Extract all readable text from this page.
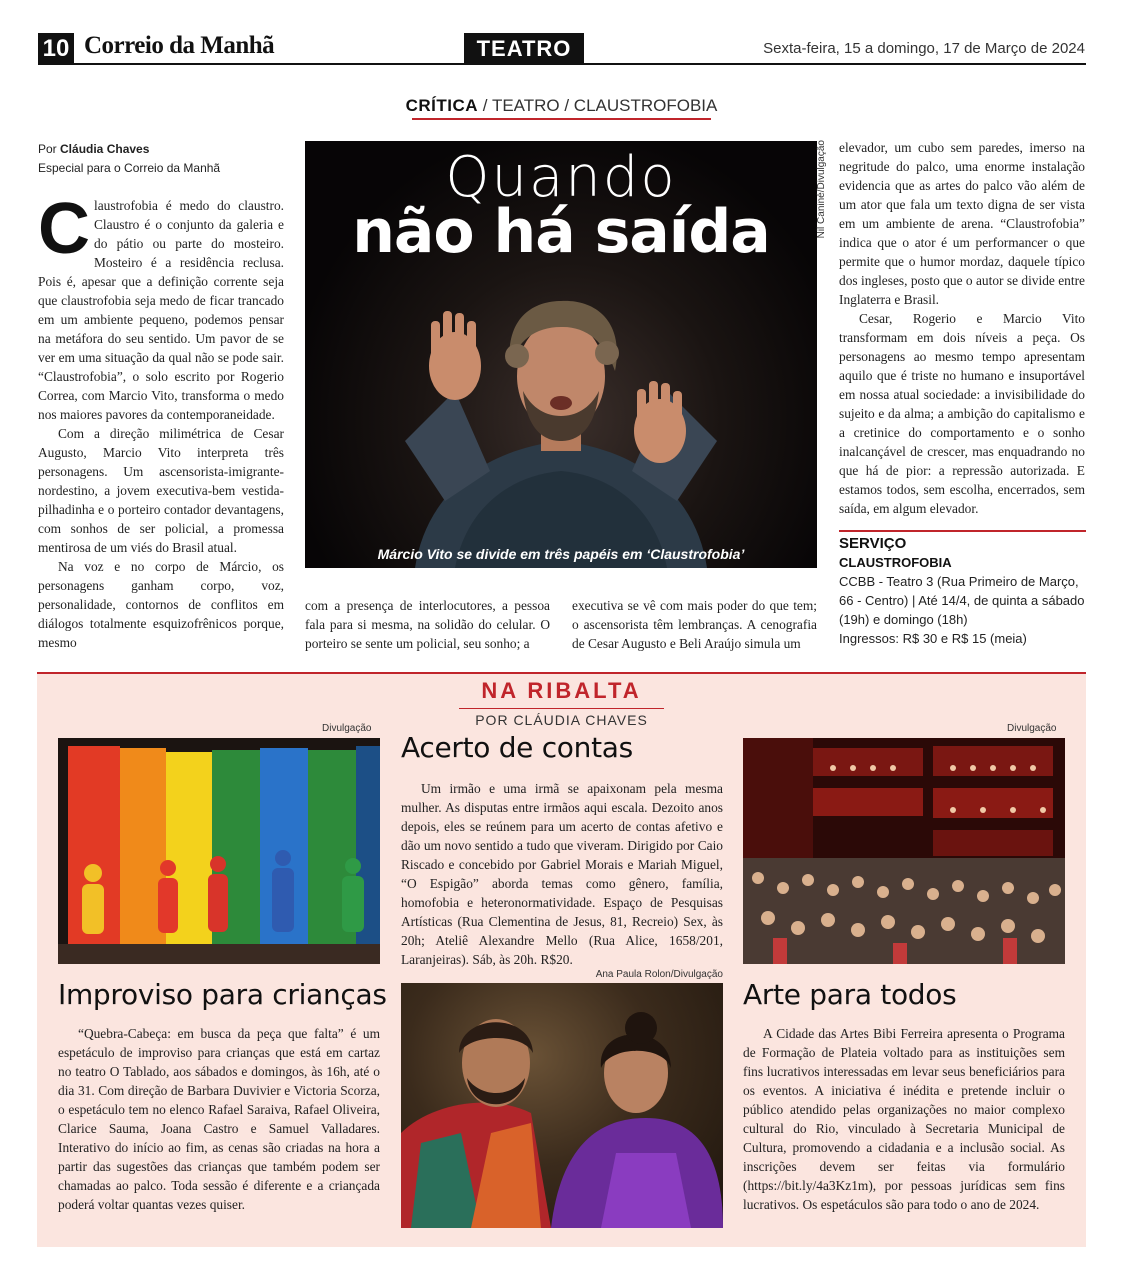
10 Correio da Manhã	TEATRO	Sexta-feira, 15 a domingo, 17 de Março de 2024
CRÍTICA / TEATRO / CLAUSTROFOBIA
Por Cláudia Chaves
Especial para o Correio da Manhã

Claustrofobia é medo do claustro. Claustro é o conjunto da galeria e do pátio ou parte do mosteiro. Mosteiro é a residência reclusa. Pois é, apesar que a definição corrente seja que claustrofobia seja medo de ficar trancado em um ambiente pequeno, podemos pensar na metáfora do seu sentido. Um pavor de se ver em uma situação da qual não se pode sair. “Claustrofobia”, o solo escrito por Rogerio Correa, com Marcio Vito, transforma o medo nos maiores pavores da contemporaneidade.

Com a direção milimétrica de Cesar Augusto, Marcio Vito interpreta três personagens. Um ascensorista-imigrante-nordestino, a jovem executiva-bem vestida-pilhadinha e o porteiro contador devantagens, com sonhos de ser policial, a promessa mentirosa de um viés do Brasil atual.

Na voz e no corpo de Márcio, os personagens ganham corpo, voz, personalidade, contornos de conflitos em diálogos totalmente esquizofrênicos porque, mesmo

Quando
não há saída
Márcio Vito se divide em três papéis em ‘Claustrofobia’
Nil Caniné/Divulgação

com a presença de interlocutores, a pessoa fala para si mesma, na solidão do celular. O porteiro se sente um policial, seu sonho; a

executiva se vê com mais poder do que tem; o ascensorista têm lembranças. A cenografia de Cesar Augusto e Beli Araújo simula um

elevador, um cubo sem paredes, imerso na negritude do palco, uma enorme instalação evidencia que as artes do palco vão além de um ator que fala um texto digna de ser vista em um ambiente de arena. “Claustrofobia” indica que o ator é um performancer o que permite que o humor mordaz, daquele típico dos ingleses, posto que o autor se divide entre Inglaterra e Brasil.

Cesar, Rogerio e Marcio Vito transformam em dois níveis a peça. Os personagens ao mesmo tempo apresentam aquilo que é triste no humano e insuportável em nossa atual sociedade: a invisibilidade do sujeito e da alma; a ambição do capitalismo e a cretinice do comportamento e o sonho inalcançável de crescer, mas enquadrando no que há de pior: a repressão autorizada. E estamos todos, sem escolha, encerrados, sem saída, em algum elevador.

SERVIÇO
CLAUSTROFOBIA
CCBB - Teatro 3 (Rua Primeiro de Março, 66 - Centro) | Até 14/4, de quinta a sábado (19h) e domingo (18h)
Ingressos: R$ 30 e R$ 15 (meia)
NA RIBALTA
POR CLÁUDIA CHAVES
Divulgação
Improviso para crianças

“Quebra-Cabeça: em busca da peça que falta” é um espetáculo de improviso para crianças que está em cartaz no teatro O Tablado, aos sábados e domingos, às 16h, até o dia 31. Com direção de Barbara Duvivier e Victoria Scorza, o espetáculo tem no elenco Rafael Saraiva, Rafael Oliveira, Clarice Sauma, Joana Castro e Samuel Valladares. Interativo do início ao fim, as cenas são criadas na hora a partir das sugestões das crianças que também podem ser chamadas ao palco. Toda sessão é diferente e a criançada poderá voltar quantas vezes quiser.

Acerto de contas

Um irmão e uma irmã se apaixonam pela mesma mulher. As disputas entre irmãos aqui escala. Dezoito anos depois, eles se reúnem para um acerto de contas afetivo e dão um novo sentido a tudo que viveram. Dirigido por Caio Riscado e concebido por Gabriel Morais e Mariah Miguel, “O Espigão” aborda temas como gênero, família, homofobia e heteronormatividade. Espaço de Pesquisas Artísticas (Rua Clementina de Jesus, 81, Recreio) Sex, às 20h; Ateliê Alexandre Mello (Rua Alice, 1658/201, Laranjeiras). Sáb, às 20h. R$20.

Ana Paula Rolon/Divulgação
Divulgação
Arte para todos

A Cidade das Artes Bibi Ferreira apresenta o Programa de Formação de Plateia voltado para as instituições sem fins lucrativos interessadas em levar seus beneficiários para os eventos. A iniciativa é inédita e pretende incluir o público atendido pelas organizações no maior complexo cultural do Rio, vinculado à Secretaria Municipal de Cultura, promovendo a cidadania e a inclusão social. As inscrições devem ser feitas via formulário (https://bit.ly/4a3Kz1m), por pessoas jurídicas sem fins lucrativos. Os espetáculos são para todo o ano de 2024.
